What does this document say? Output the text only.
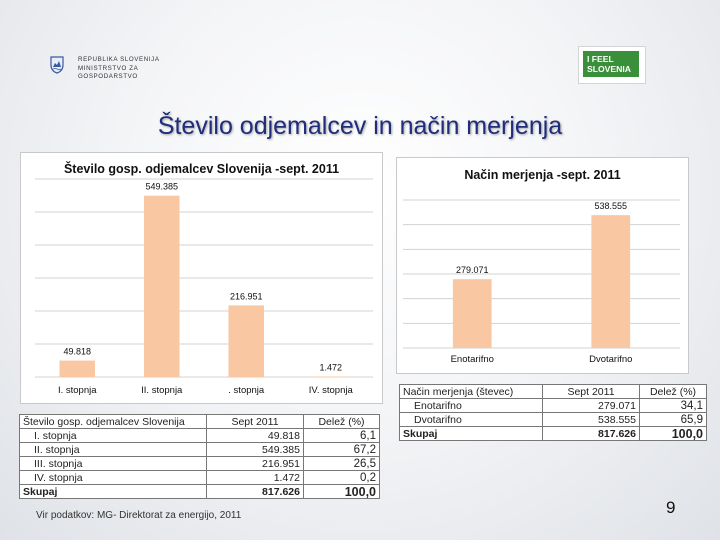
REPUBLIKA SLOVENIJA
MINISTRSTVO ZA
GOSPODARSTVO
I FEEL
SLOVENIA
Število odjemalcev in način merjenja
Število gosp. odjemalcev Slovenija -sept. 2011
49.818
I. stopnja
549.385
II. stopnja
216.951
. stopnja
1.472
IV. stopnja
Način merjenja -sept. 2011
279.071
Enotarifno
538.555
Dvotarifno
Število gosp. odjemalcev Slovenija	Sept 2011	Delež (%)
I. stopnja	49.818	6,1
II. stopnja	549.385	67,2
III. stopnja	216.951	26,5
IV. stopnja	1.472	0,2
Skupaj	817.626	100,0
Način merjenja (števec)	Sept 2011	Delež (%)
Enotarifno	279.071	34,1
Dvotarifno	538.555	65,9
Skupaj	817.626	100,0
Vir podatkov: MG- Direktorat za energijo, 2011	9
